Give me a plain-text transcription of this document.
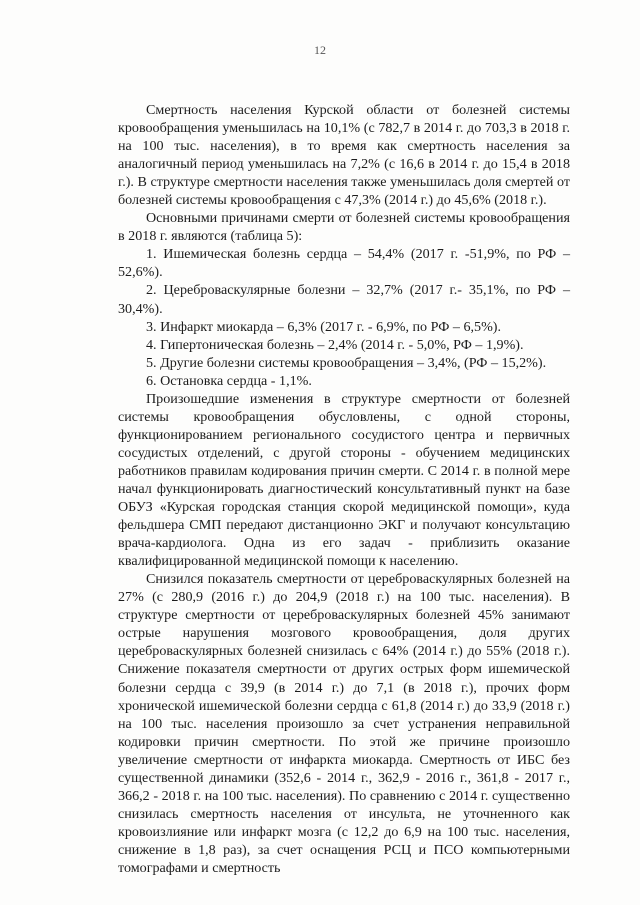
12

Смертность населения Курской области от болезней системы кровообращения уменьшилась на 10,1% (с 782,7 в 2014 г. до 703,3 в 2018 г. на 100 тыс. населения), в то время как смертность населения за аналогичный период уменьшилась на 7,2% (с 16,6 в 2014 г. до 15,4 в 2018 г.). В структуре смертности населения также уменьшилась доля смертей от болезней системы кровообращения с 47,3% (2014 г.) до 45,6% (2018 г.).

Основными причинами смерти от болезней системы кровообращения в 2018 г. являются (таблица 5):

1. Ишемическая болезнь сердца – 54,4% (2017 г. -51,9%, по РФ – 52,6%).

2. Цереброваскулярные болезни – 32,7% (2017 г.- 35,1%, по РФ – 30,4%).

3. Инфаркт миокарда – 6,3% (2017 г. - 6,9%, по РФ – 6,5%).

4. Гипертоническая болезнь – 2,4% (2014 г. - 5,0%, РФ – 1,9%).

5. Другие болезни системы кровообращения – 3,4%, (РФ – 15,2%).

6. Остановка сердца - 1,1%.

Произошедшие изменения в структуре смертности от болезней системы кровообращения обусловлены, с одной стороны, функционированием регионального сосудистого центра и первичных сосудистых отделений, с другой стороны - обучением медицинских работников правилам кодирования причин смерти. С 2014 г. в полной мере начал функционировать диагностический консультативный пункт на базе ОБУЗ «Курская городская станция скорой медицинской помощи», куда фельдшера СМП передают дистанционно ЭКГ и получают консультацию врача-кардиолога. Одна из его задач - приблизить оказание квалифицированной медицинской помощи к населению.

Снизился показатель смертности от цереброваскулярных болезней на 27% (с 280,9 (2016 г.) до 204,9 (2018 г.) на 100 тыс. населения). В структуре смертности от цереброваскулярных болезней 45% занимают острые нарушения мозгового кровообращения, доля других цереброваскулярных болезней снизилась с 64% (2014 г.) до 55% (2018 г.). Снижение показателя смертности от других острых форм ишемической болезни сердца с 39,9 (в 2014 г.) до 7,1 (в 2018 г.), прочих форм хронической ишемической болезни сердца с 61,8 (2014 г.) до 33,9 (2018 г.) на 100 тыс. населения произошло за счет устранения неправильной кодировки причин смертности. По этой же причине произошло увеличение смертности от инфаркта миокарда. Смертность от ИБС без существенной динамики (352,6 - 2014 г., 362,9 - 2016 г., 361,8 - 2017 г., 366,2 - 2018 г. на 100 тыс. населения). По сравнению с 2014 г. существенно снизилась смертность населения от инсульта, не уточненного как кровоизлияние или инфаркт мозга (с 12,2 до 6,9 на 100 тыс. населения, снижение в 1,8 раз), за счет оснащения РСЦ и ПСО компьютерными томографами и смертность
